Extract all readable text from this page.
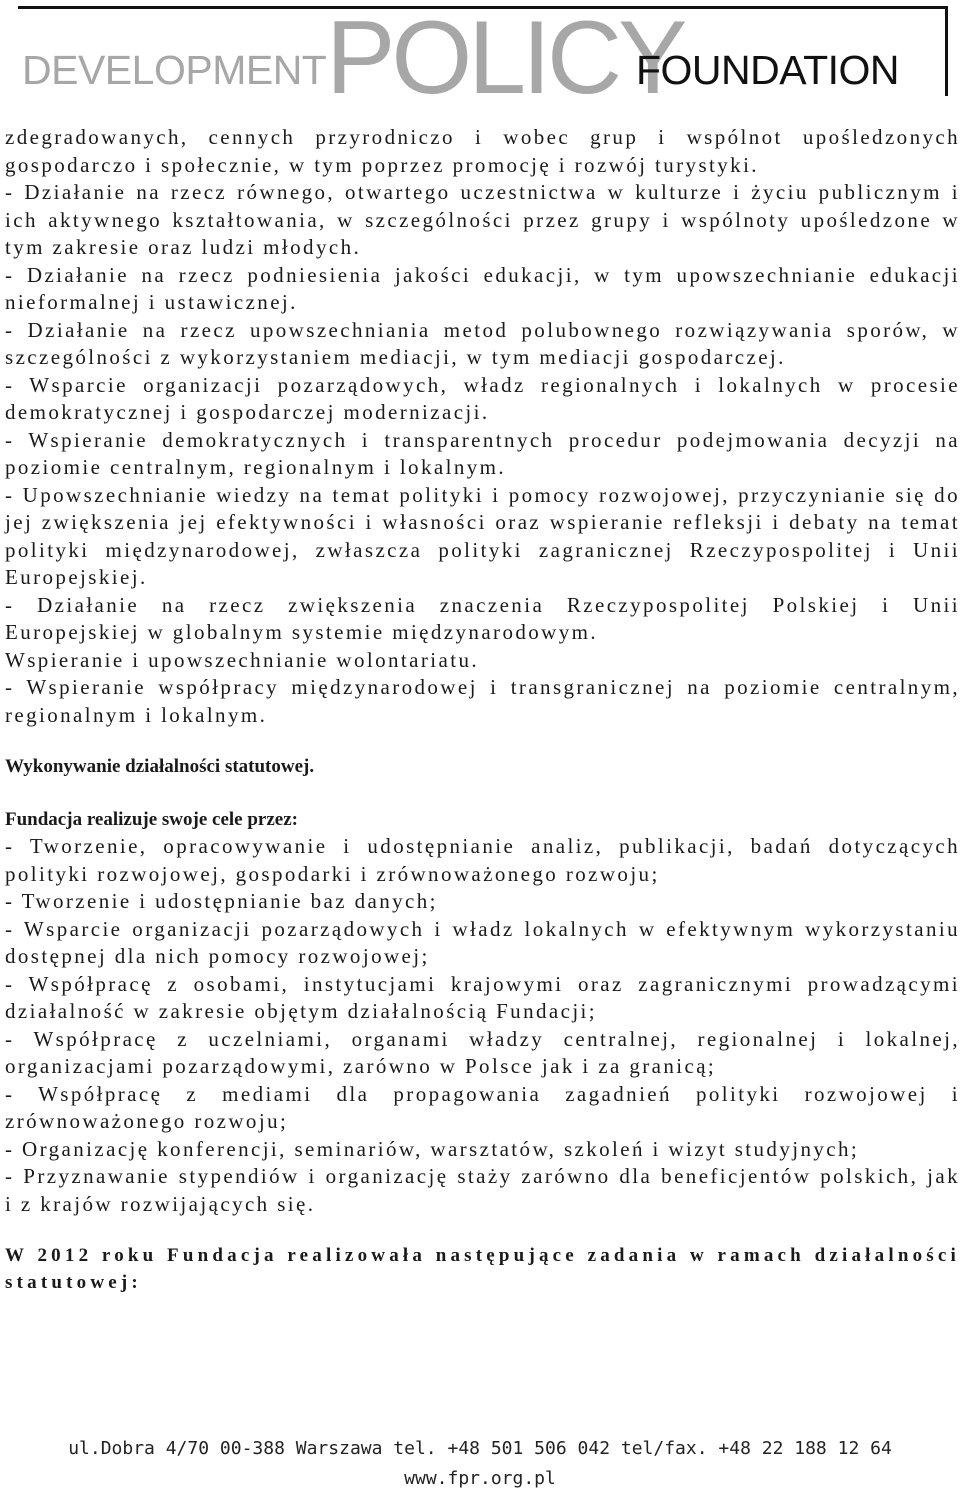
DEVELOPMENT POLICY
FOUNDATION

zdegradowanych, cennych przyrodniczo i wobec grup i wspólnot upośledzonych gospodarczo i społecznie, w tym poprzez promocję i rozwój turystyki.

- Działanie na rzecz równego, otwartego uczestnictwa w kulturze i życiu publicznym i ich aktywnego kształtowania, w szczególności przez grupy i wspólnoty upośledzone w tym zakresie oraz ludzi młodych.

- Działanie na rzecz podniesienia jakości edukacji, w tym upowszechnianie edukacji nieformalnej i ustawicznej.

- Działanie na rzecz upowszechniania metod polubownego rozwiązywania sporów, w szczególności z wykorzystaniem mediacji, w tym mediacji gospodarczej.

- Wsparcie organizacji pozarządowych, władz regionalnych i lokalnych w procesie demokratycznej i gospodarczej modernizacji.

- Wspieranie demokratycznych i transparentnych procedur podejmowania decyzji na poziomie centralnym, regionalnym i lokalnym.

- Upowszechnianie wiedzy na temat polityki i pomocy rozwojowej, przyczynianie się do jej zwiększenia jej efektywności i własności oraz wspieranie refleksji i debaty na temat polityki międzynarodowej, zwłaszcza polityki zagranicznej Rzeczypospolitej i Unii Europejskiej.

- Działanie na rzecz zwiększenia znaczenia Rzeczypospolitej Polskiej i Unii Europejskiej w globalnym systemie międzynarodowym.

Wspieranie i upowszechnianie wolontariatu.

- Wspieranie współpracy międzynarodowej i transgranicznej na poziomie centralnym, regionalnym i lokalnym.

Wykonywanie działalności statutowej.

Fundacja realizuje swoje cele przez:

- Tworzenie, opracowywanie i udostępnianie analiz, publikacji, badań dotyczących polityki rozwojowej, gospodarki i zrównoważonego rozwoju;

- Tworzenie i udostępnianie baz danych;

- Wsparcie organizacji pozarządowych i władz lokalnych w efektywnym wykorzystaniu dostępnej dla nich pomocy rozwojowej;

- Współpracę z osobami, instytucjami krajowymi oraz zagranicznymi prowadzącymi działalność w zakresie objętym działalnością Fundacji;

- Współpracę z uczelniami, organami władzy centralnej, regionalnej i lokalnej, organizacjami pozarządowymi, zarówno w Polsce jak i za granicą;

- Współpracę z mediami dla propagowania zagadnień polityki rozwojowej i zrównoważonego rozwoju;

- Organizację konferencji, seminariów, warsztatów, szkoleń i wizyt studyjnych;

- Przyznawanie stypendiów i organizację staży zarówno dla beneficjentów polskich, jak i z krajów rozwijających się.

W 2012 roku Fundacja realizowała następujące zadania w ramach działalności statutowej:

ul.Dobra 4/70 00-388 Warszawa tel. +48 501 506 042 tel/fax. +48 22 188 12 64
www.fpr.org.pl
